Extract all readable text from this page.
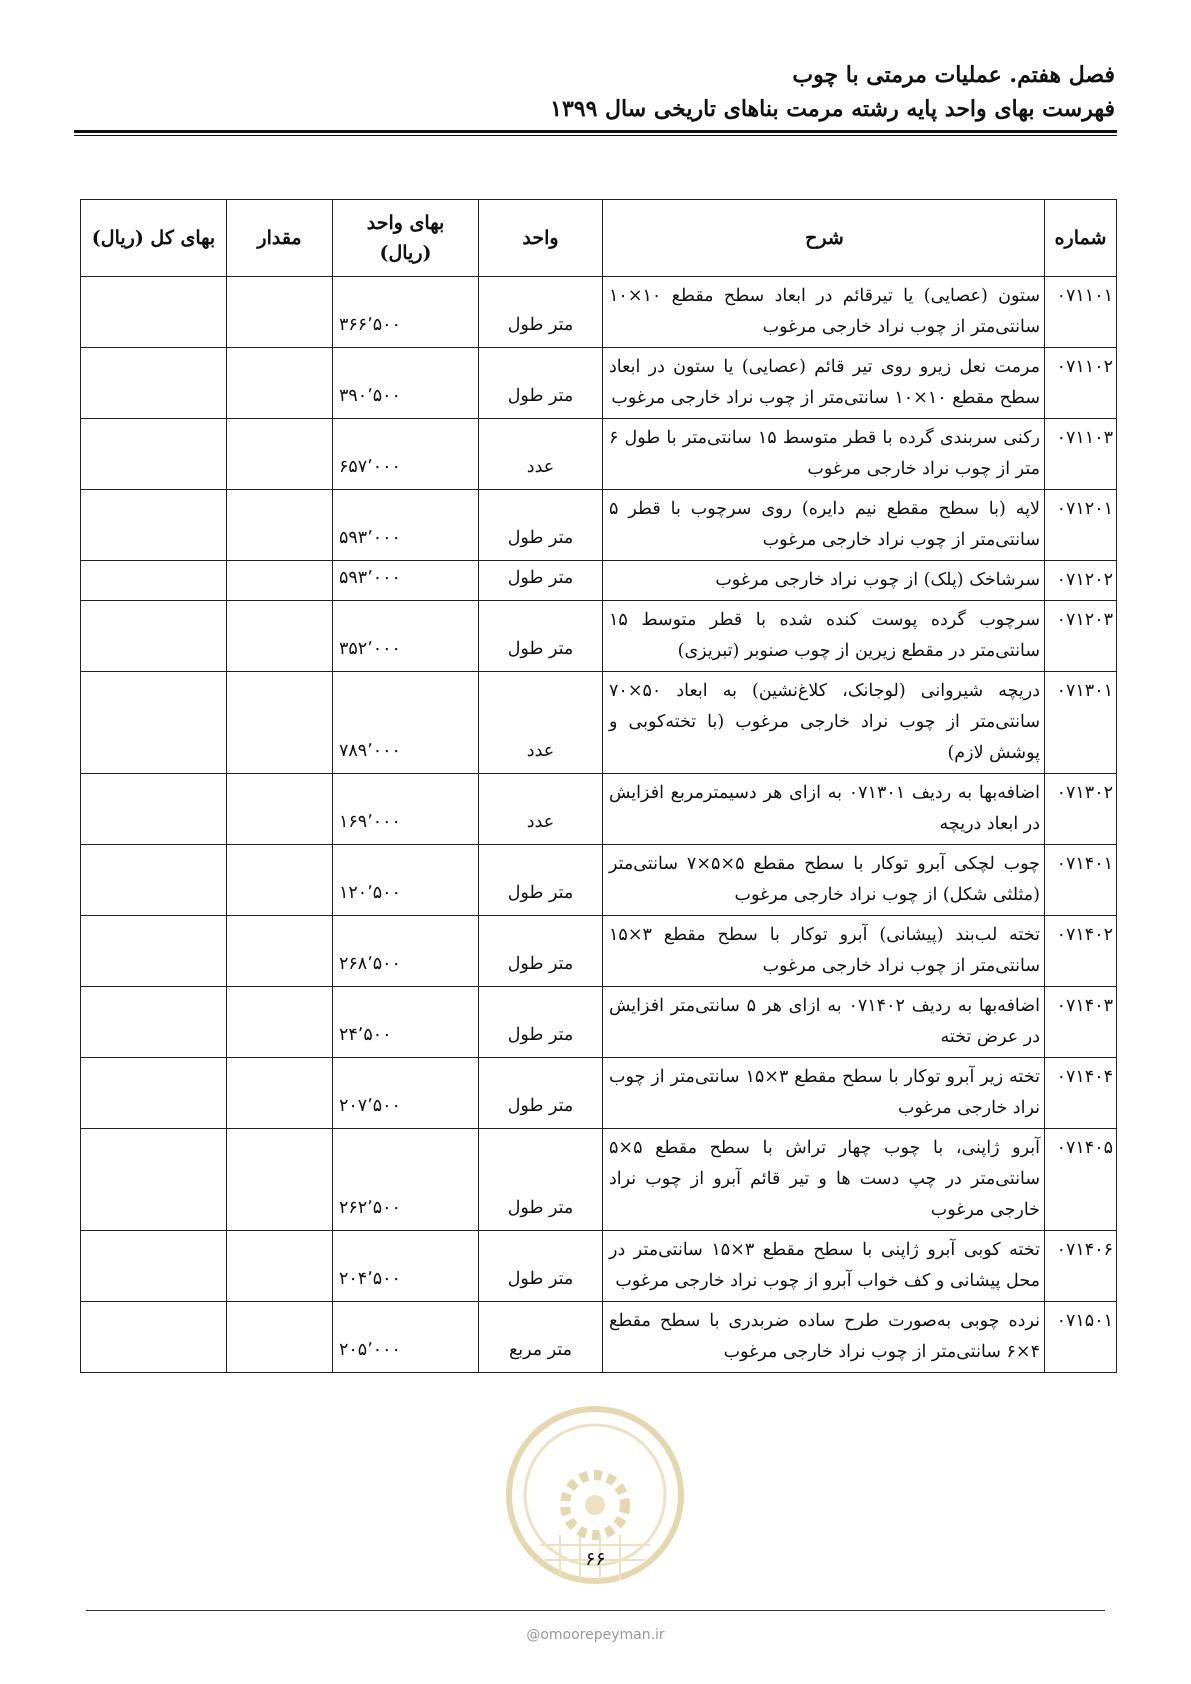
فصل هفتم. عملیات مرمتی با چوب
فهرست بهای واحد پایه رشته مرمت بناهای تاریخی سال ۱۳۹۹
شماره	شرح	واحد	بهای واحد (ریال)	مقدار	بهای کل (ریال)
۰۷۱۱۰۱	ستون (عصایی) یا تیرقائم در ابعاد سطح مقطع ۱۰×۱۰ سانتی‌متر از چوب نراد خارجی مرغوب	متر طول	۳۶۶٬۵۰۰		
۰۷۱۱۰۲	مرمت نعل زیرو روی تیر قائم (عصایی) یا ستون در ابعاد سطح مقطع ۱۰×۱۰ سانتی‌متر از چوب نراد خارجی مرغوب	متر طول	۳۹۰٬۵۰۰		
۰۷۱۱۰۳	رکنی سربندی گرده با قطر متوسط ۱۵ سانتی‌متر با طول ۶ متر از چوب نراد خارجی مرغوب	عدد	۶۵۷٬۰۰۰		
۰۷۱۲۰۱	لاپه (با سطح مقطع نیم دایره) روی سرچوب با قطر ۵ سانتی‌متر از چوب نراد خارجی مرغوب	متر طول	۵۹۳٬۰۰۰		
۰۷۱۲۰۲	سرشاخک (پلک) از چوب نراد خارجی مرغوب	متر طول	۵۹۳٬۰۰۰		
۰۷۱۲۰۳	سرچوب گرده پوست کنده شده با قطر متوسط ۱۵ سانتی‌متر در مقطع زیرین از چوب صنوبر (تبریزی)	متر طول	۳۵۲٬۰۰۰		
۰۷۱۳۰۱	دریچه شیروانی (لوجانک، کلاغ‌نشین) به ابعاد ۵۰×۷۰ سانتی‌متر از چوب نراد خارجی مرغوب (با تخته‌کوبی و پوشش لازم)	عدد	۷۸۹٬۰۰۰		
۰۷۱۳۰۲	اضافه‌بها به ردیف ۰۷۱۳۰۱ به ازای هر دسیمترمربع افزایش در ابعاد دریچه	عدد	۱۶۹٬۰۰۰		
۰۷۱۴۰۱	چوب لچکی آبرو توکار با سطح مقطع ۵×۵×۷ سانتی‌متر (مثلثی شکل) از چوب نراد خارجی مرغوب	متر طول	۱۲۰٬۵۰۰		
۰۷۱۴۰۲	تخته لب‌بند (پیشانی) آبرو توکار با سطح مقطع ۳×۱۵ سانتی‌متر از چوب نراد خارجی مرغوب	متر طول	۲۶۸٬۵۰۰		
۰۷۱۴۰۳	اضافه‌بها به ردیف ۰۷۱۴۰۲ به ازای هر ۵ سانتی‌متر افزایش در عرض تخته	متر طول	۲۴٬۵۰۰		
۰۷۱۴۰۴	تخته زیر آبرو توکار با سطح مقطع ۳×۱۵ سانتی‌متر از چوب نراد خارجی مرغوب	متر طول	۲۰۷٬۵۰۰		
۰۷۱۴۰۵	آبرو ژاپنی، با چوب چهار تراش با سطح مقطع ۵×۵ سانتی‌متر در چپ دست ها و تیر قائم آبرو از چوب نراد خارجی مرغوب	متر طول	۲۶۲٬۵۰۰		
۰۷۱۴۰۶	تخته کوبی آبرو ژاپنی با سطح مقطع ۳×۱۵ سانتی‌متر در محل پیشانی و کف خواب آبرو از چوب نراد خارجی مرغوب	متر طول	۲۰۴٬۵۰۰		
۰۷۱۵۰۱	نرده چوبی به‌صورت طرح ساده ضربدری با سطح مقطع ۴×۶ سانتی‌متر از چوب نراد خارجی مرغوب	متر مربع	۲۰۵٬۰۰۰		
۶۶
@omoorepeyman.ir
